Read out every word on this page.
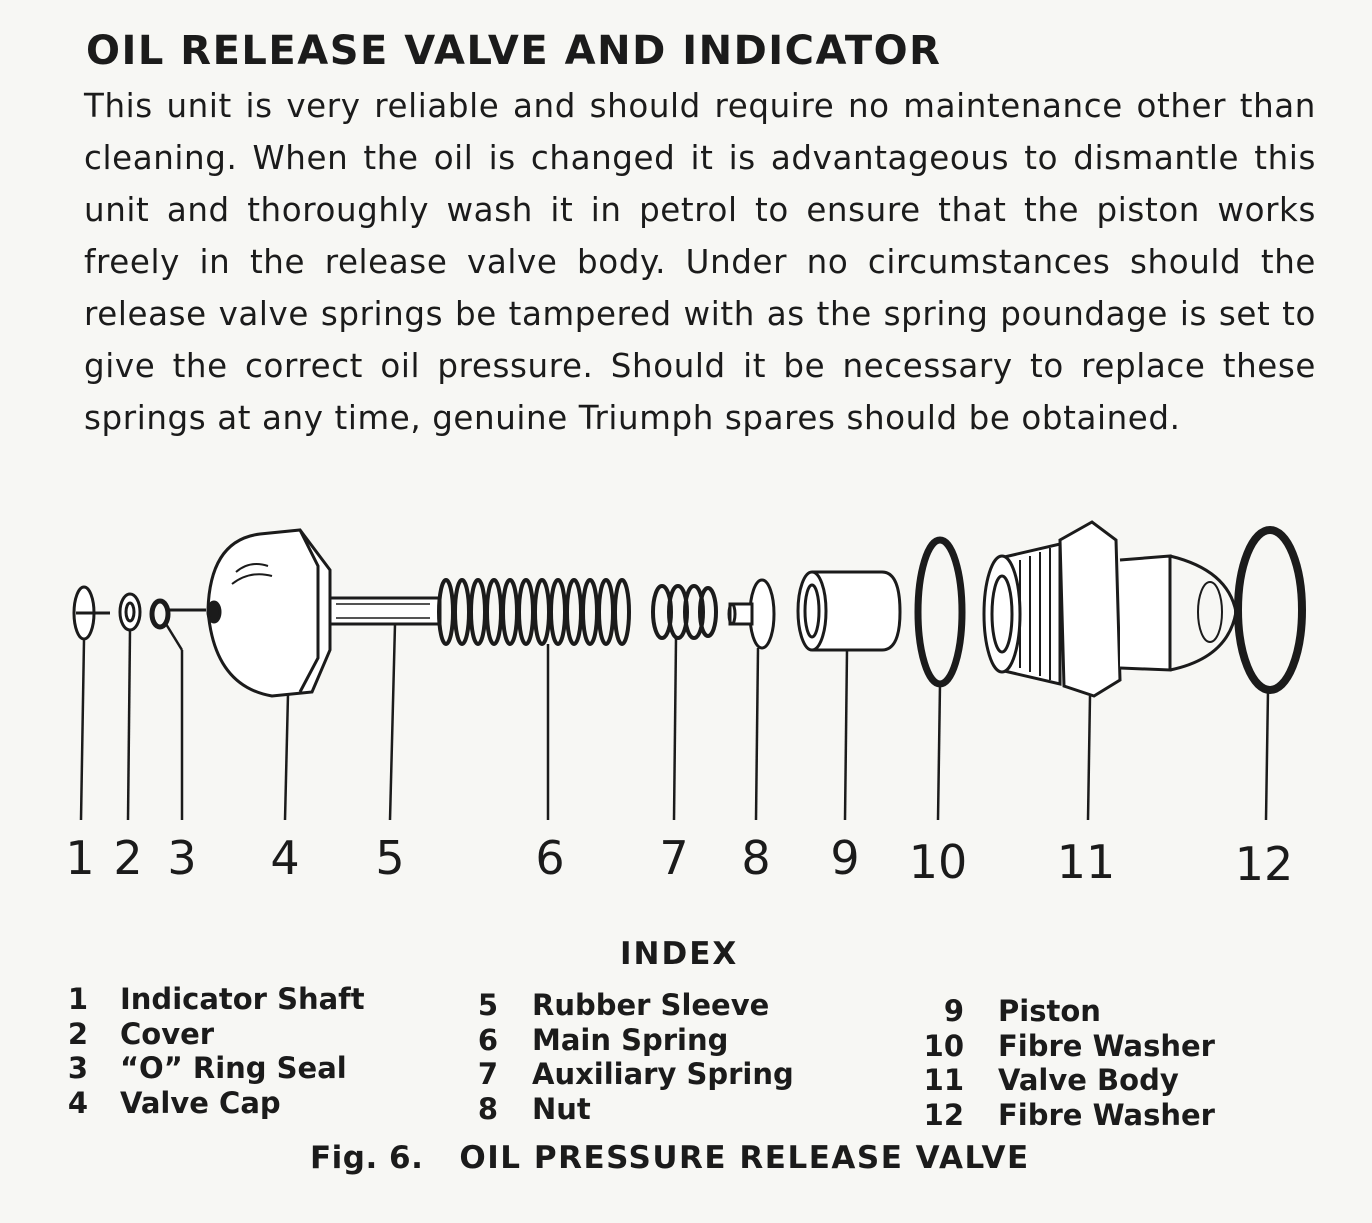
OIL RELEASE VALVE AND INDICATOR
This unit is very reliable and should require no maintenance other than cleaning. When the oil is changed it is advantageous to dismantle this unit and thoroughly wash it in petrol to ensure that the piston works freely in the release valve body. Under no circumstances should the release valve springs be tampered with as the spring poundage is set to give the correct oil pressure. Should it be necessary to replace these springs at any time, genuine Triumph spares should be obtained.
1 2 3 4 5	6 7 8 9 10 11	12
INDEX
1 Indicator Shaft
2 Cover
3 “O” Ring Seal
4 Valve Cap
5 Rubber Sleeve
6 Main Spring
7 Auxiliary Spring
8 Nut
9 Piston
10 Fibre Washer
11 Valve Body
12 Fibre Washer
Fig. 6. OIL PRESSURE RELEASE VALVE
